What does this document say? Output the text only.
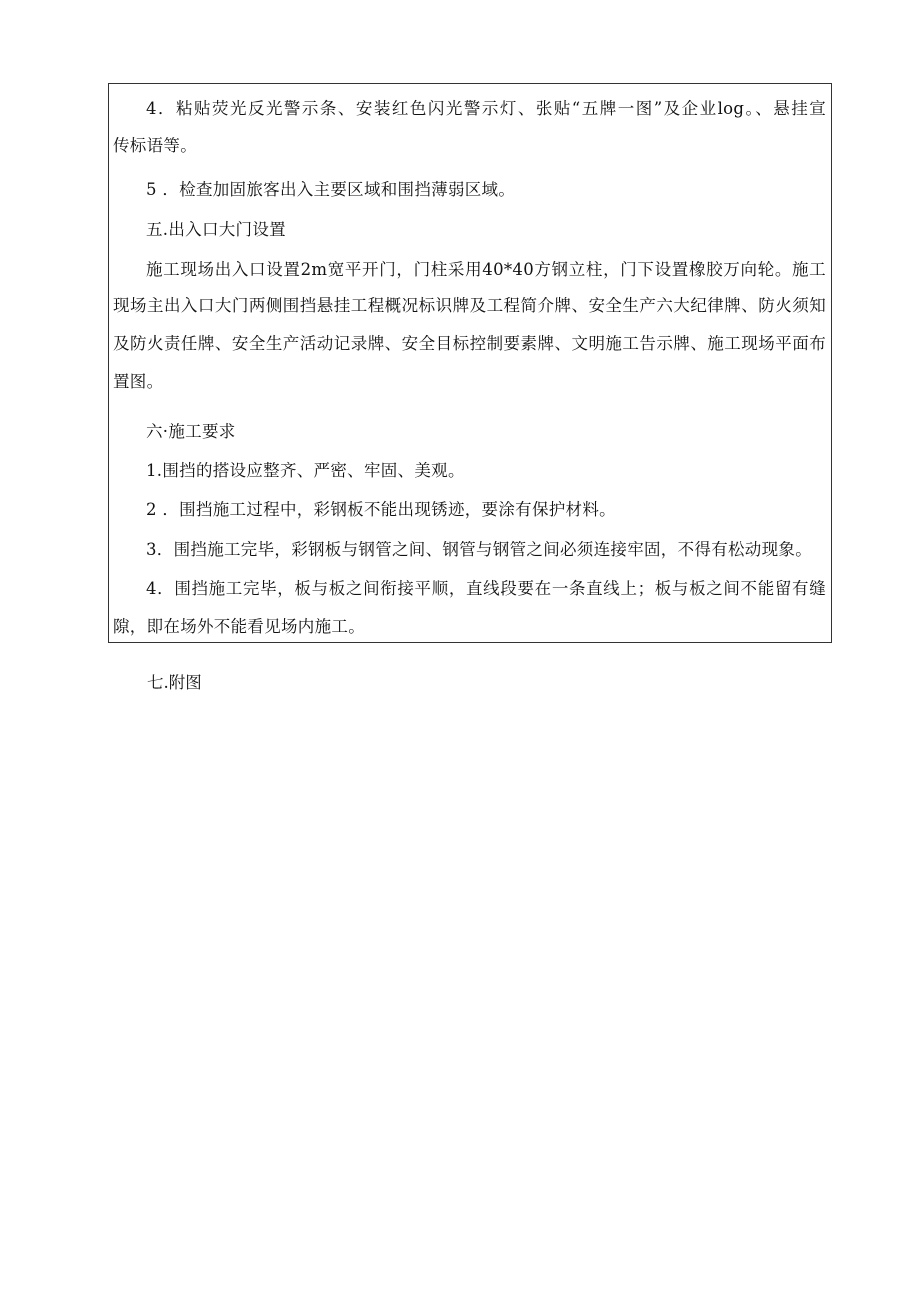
4．粘贴荧光反光警示条、安装红色闪光警示灯、张贴“五牌一图”及企业log。、悬挂宣
传标语等。
5 ．检查加固旅客出入主要区域和围挡薄弱区域。
五.出入口大门设置
施工现场出入口设置2m宽平开门，门柱采用40*40方钢立柱，门下设置橡胶万向轮。施工
现场主出入口大门两侧围挡悬挂工程概况标识牌及工程简介牌、安全生产六大纪律牌、防火须知
及防火责任牌、安全生产活动记录牌、安全目标控制要素牌、文明施工告示牌、施工现场平面布
置图。
六·施工要求
1.围挡的搭设应整齐、严密、牢固、美观。
2 ．围挡施工过程中，彩钢板不能出现锈迹，要涂有保护材料。
3．围挡施工完毕，彩钢板与钢管之间、钢管与钢管之间必须连接牢固，不得有松动现象。
4．围挡施工完毕，板与板之间衔接平顺，直线段要在一条直线上；板与板之间不能留有缝
隙，即在场外不能看见场内施工。
七.附图
